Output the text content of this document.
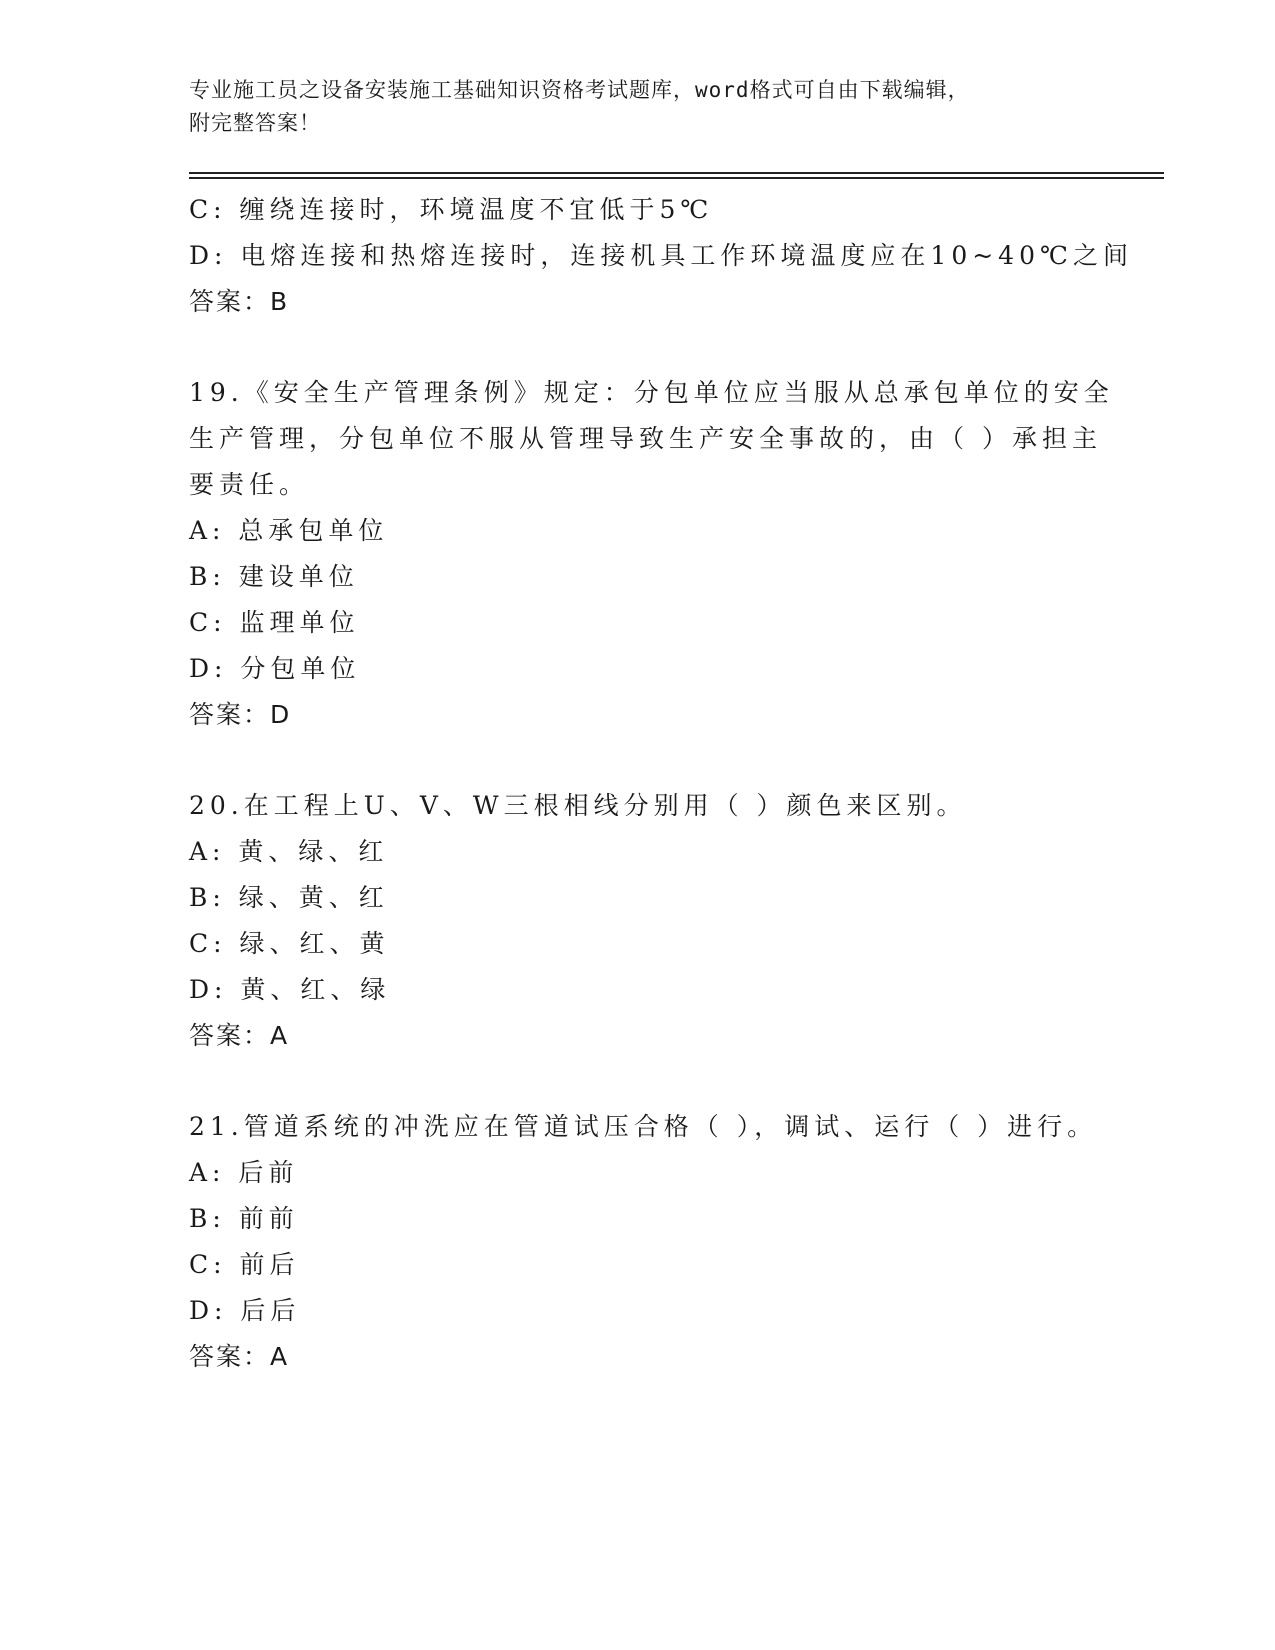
专业施工员之设备安装施工基础知识资格考试题库，word格式可自由下载编辑，
附完整答案！
C: 缠绕连接时，环境温度不宜低于5℃
D: 电熔连接和热熔连接时，连接机具工作环境温度应在10~40℃之间
答案：B
19.《安全生产管理条例》规定：分包单位应当服从总承包单位的安全
生产管理，分包单位不服从管理导致生产安全事故的，由（ ）承担主
要责任。
A: 总承包单位
B: 建设单位
C: 监理单位
D: 分包单位
答案：D
20.在工程上U、V、W三根相线分别用（ ）颜色来区别。
A: 黄、绿、红
B: 绿、黄、红
C: 绿、红、黄
D: 黄、红、绿
答案：A
21.管道系统的冲洗应在管道试压合格（ ），调试、运行（ ）进行。
A: 后前
B: 前前
C: 前后
D: 后后
答案：A
